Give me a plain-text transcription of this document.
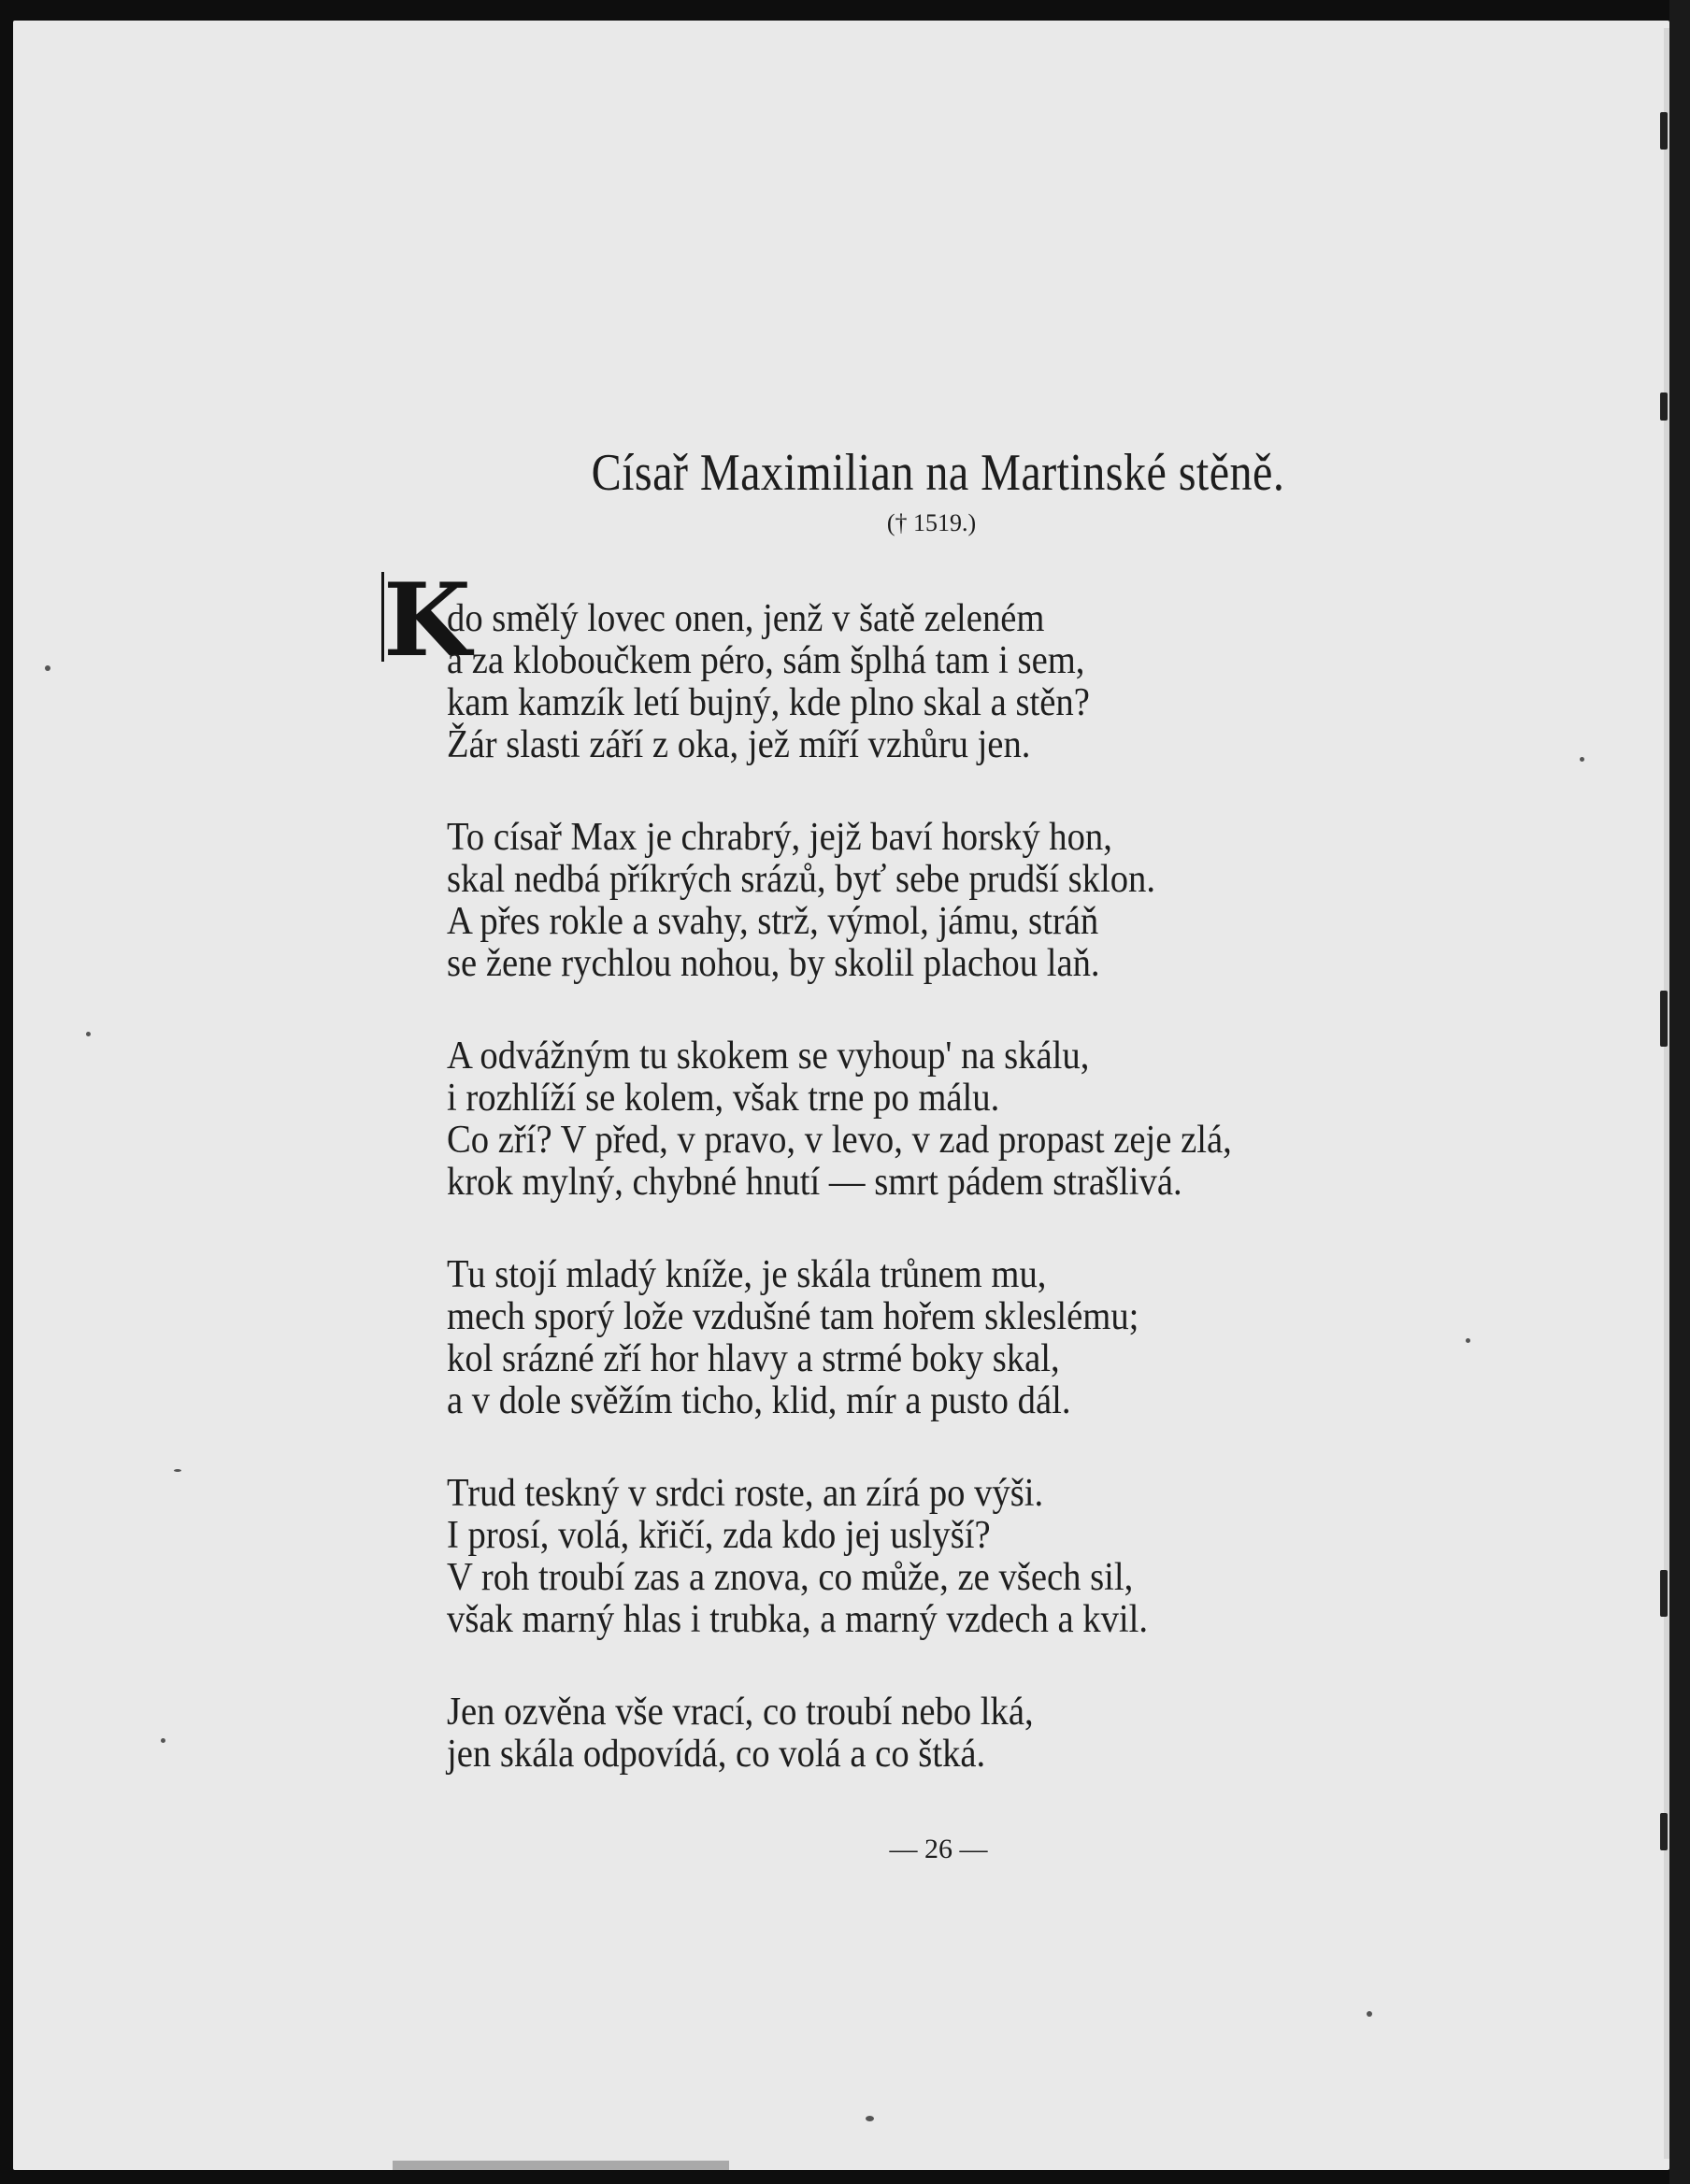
Císař Maximilian na Martinské stěně.
(† 1519.)
K
do smělý lovec onen, jenž v šatě zeleném
a za kloboučkem péro, sám šplhá tam i sem,
kam kamzík letí bujný, kde plno skal a stěn?
Žár slasti září z oka, jež míří vzhůru jen.
To císař Max je chrabrý, jejž baví horský hon,
skal nedbá příkrých srázů, byť sebe prudší sklon.
A přes rokle a svahy, strž, výmol, jámu, stráň
se žene rychlou nohou, by skolil plachou laň.
A odvážným tu skokem se vyhoup' na skálu,
i rozhlíží se kolem, však trne po málu.
Co zří? V před, v pravo, v levo, v zad propast zeje zlá,
krok mylný, chybné hnutí — smrt pádem strašlivá.
Tu stojí mladý kníže, je skála trůnem mu,
mech sporý lože vzdušné tam hořem skleslému;
kol srázné zří hor hlavy a strmé boky skal,
a v dole svěžím ticho, klid, mír a pusto dál.
Trud teskný v srdci roste, an zírá po výši.
I prosí, volá, křičí, zda kdo jej uslyší?
V roh troubí zas a znova, co může, ze všech sil,
však marný hlas i trubka, a marný vzdech a kvil.
Jen ozvěna vše vrací, co troubí nebo lká,
jen skála odpovídá, co volá a co štká.
— 26 —
